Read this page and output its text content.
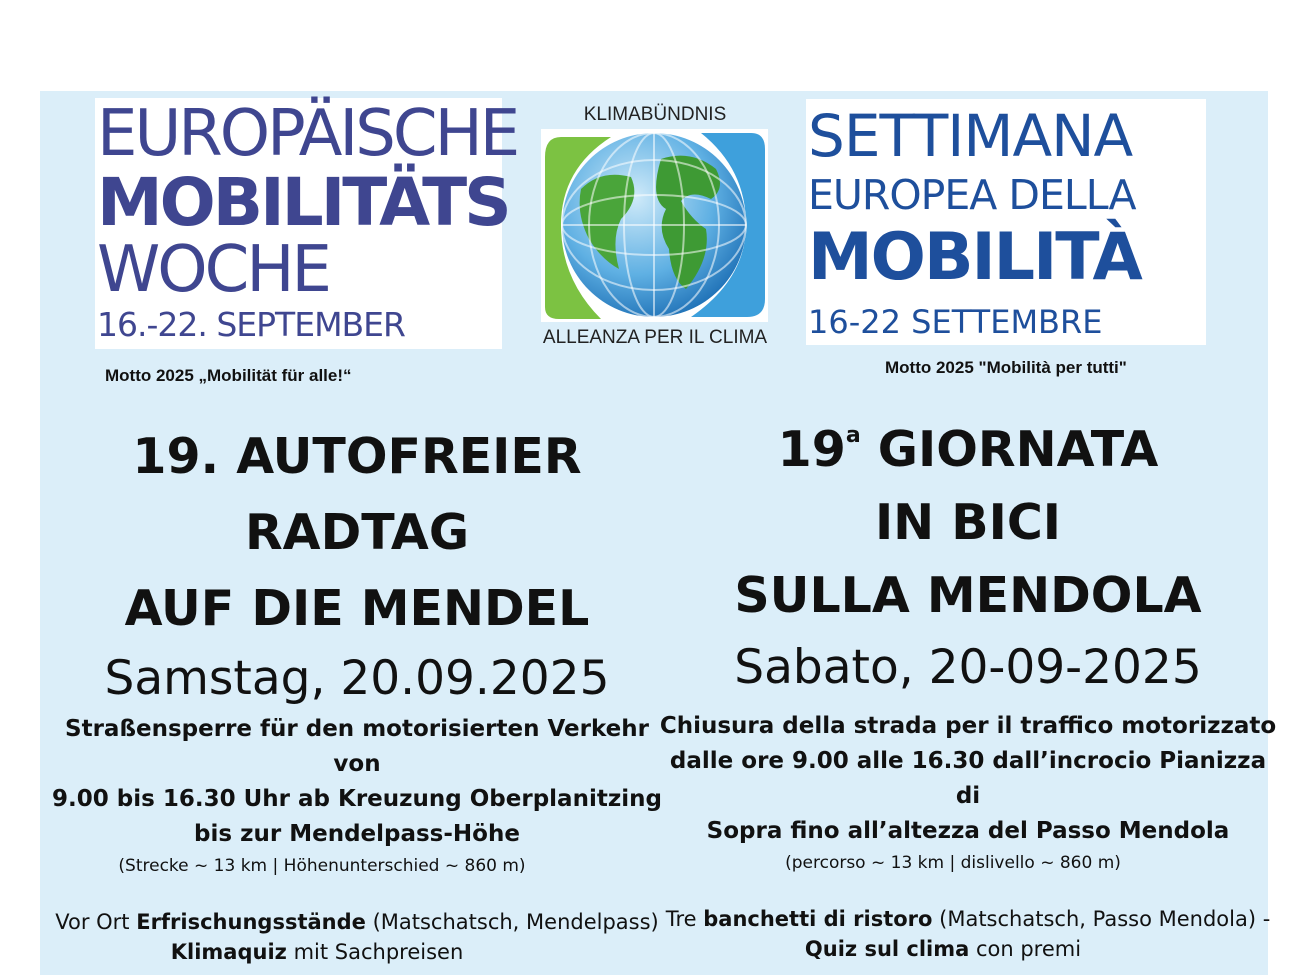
EUROPÄISCHE
MOBILITÄTS
WOCHE
16.-22. SEPTEMBER
KLIMABÜNDNIS
ALLEANZA PER IL CLIMA
SETTIMANA
EUROPEA DELLA
MOBILITÀ
16-22 SETTEMBRE
Motto 2025 „Mobilität für alle!“	Motto 2025 "Mobilità per tutti"
19. AUTOFREIER
RADTAG
AUF DIE MENDEL
Samstag, 20.09.2025
Straßensperre für den motorisierten Verkehr von
9.00 bis 16.30 Uhr ab Kreuzung Oberplanitzing
bis zur Mendelpass-Höhe
(Strecke ~ 13 km | Höhenunterschied ~ 860 m)
Vor Ort Erfrischungsstände (Matschatsch, Mendelpass)
Klimaquiz mit Sachpreisen
19$^a$ GIORNATA
IN BICI
SULLA MENDOLA
Sabato, 20-09-2025
Chiusura della strada per il traffico motorizzato
dalle ore 9.00 alle 16.30 dall’incrocio Pianizza di
Sopra fino all’altezza del Passo Mendola
(percorso ~ 13 km | dislivello ~ 860 m)
Tre banchetti di ristoro (Matschatsch, Passo Mendola) -
Quiz sul clima con premi
